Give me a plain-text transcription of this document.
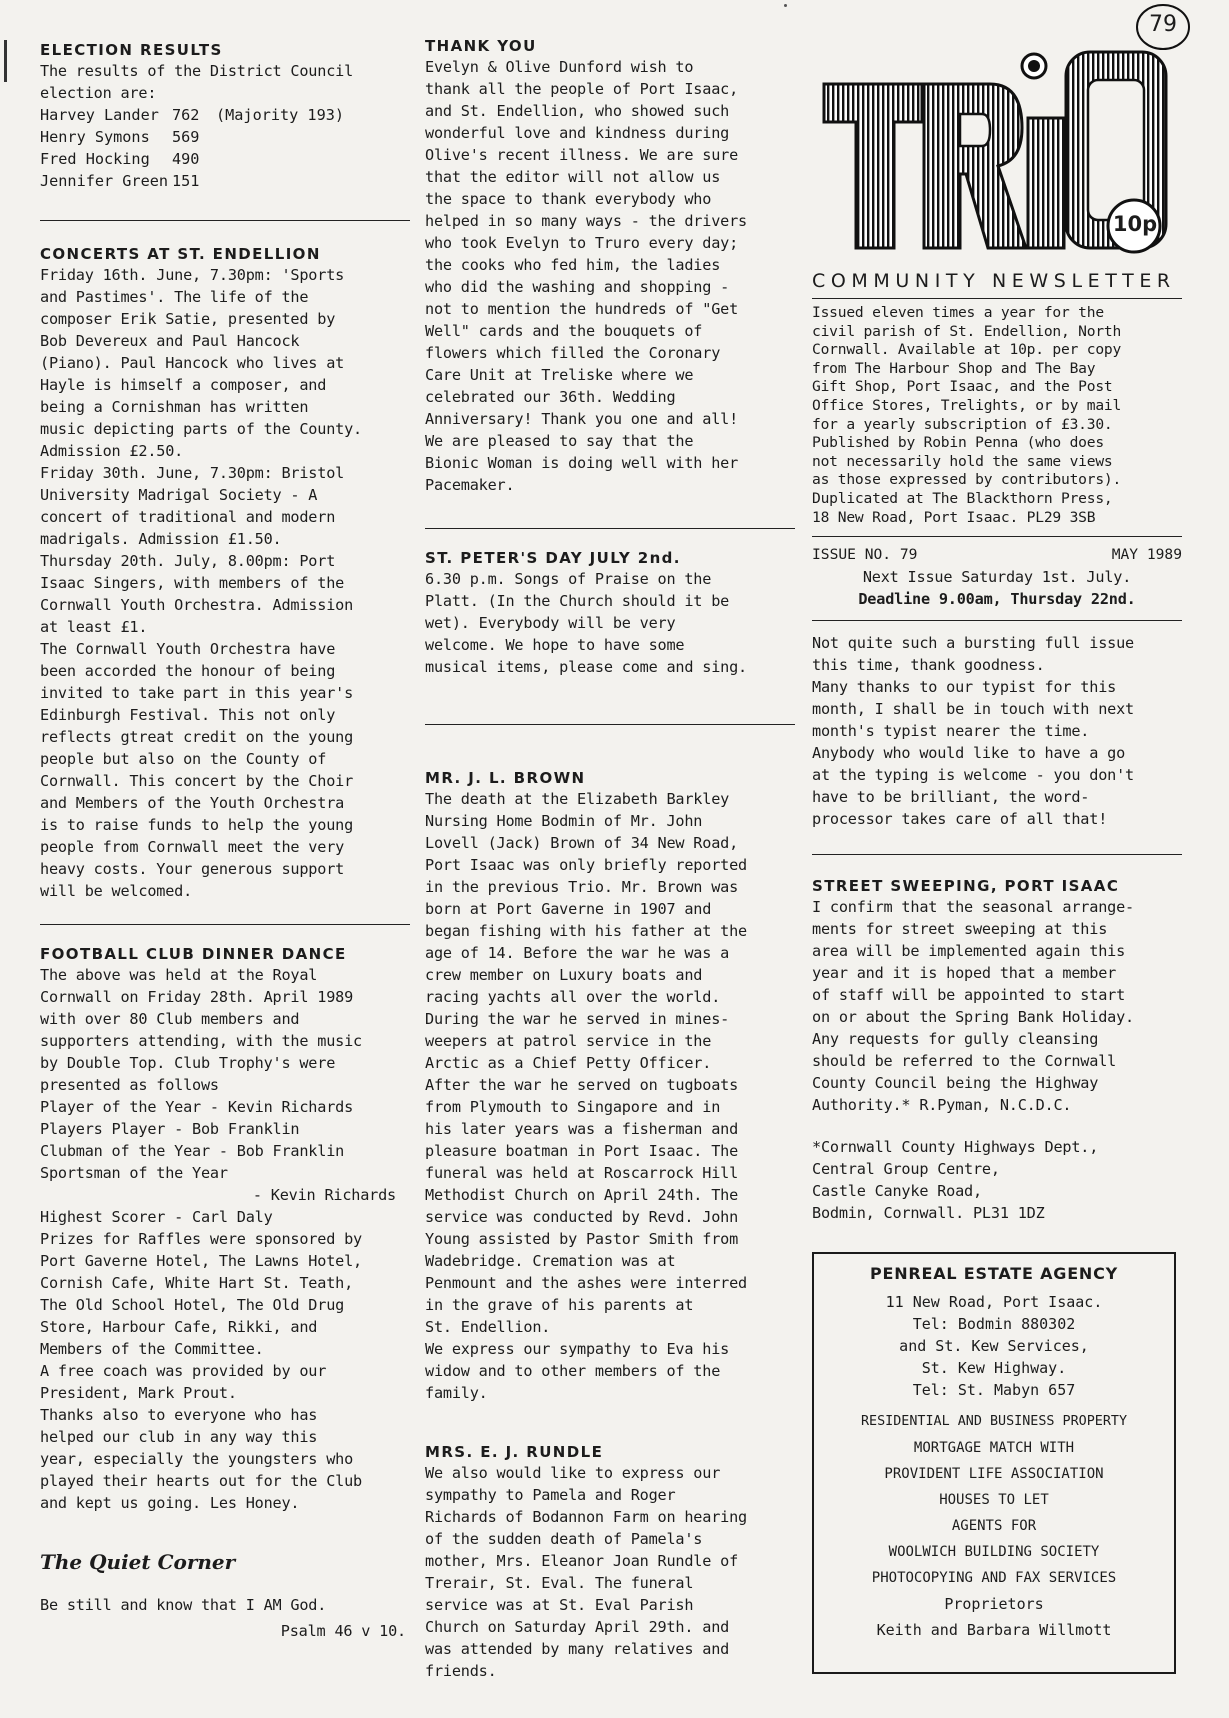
ELECTION RESULTS

The results of the District Council
election are:

Harvey Lander 762	(Majority 193)
Henry Symons	569
Fred Hocking	490
Jennifer Green 151

CONCERTS AT ST. ENDELLION

Friday 16th. June, 7.30pm: 'Sports
and Pastimes'. The life of the
composer Erik Satie, presented by
Bob Devereux and Paul Hancock
(Piano). Paul Hancock who lives at
Hayle is himself a composer, and
being a Cornishman has written
music depicting parts of the County.
Admission £2.50.
Friday 30th. June, 7.30pm: Bristol
University Madrigal Society - A
concert of traditional and modern
madrigals. Admission £1.50.
Thursday 20th. July, 8.00pm: Port
Isaac Singers, with members of the
Cornwall Youth Orchestra. Admission
at least £1.
The Cornwall Youth Orchestra have
been accorded the honour of being
invited to take part in this year's
Edinburgh Festival. This not only
reflects gtreat credit on the young
people but also on the County of
Cornwall. This concert by the Choir
and Members of the Youth Orchestra
is to raise funds to help the young
people from Cornwall meet the very
heavy costs. Your generous support
will be welcomed.

FOOTBALL CLUB DINNER DANCE

The above was held at the Royal
Cornwall on Friday 28th. April 1989
with over 80 Club members and
supporters attending, with the music
by Double Top. Club Trophy's were
presented as follows
Player of the Year - Kevin Richards
Players Player - Bob Franklin
Clubman of the Year - Bob Franklin
Sportsman of the Year

- Kevin Richards

Highest Scorer - Carl Daly
Prizes for Raffles were sponsored by
Port Gaverne Hotel, The Lawns Hotel,
Cornish Cafe, White Hart St. Teath,
The Old School Hotel, The Old Drug
Store, Harbour Cafe, Rikki, and
Members of the Committee.
A free coach was provided by our
President, Mark Prout.
Thanks also to everyone who has
helped our club in any way this
year, especially the youngsters who
played their hearts out for the Club
and kept us going. Les Honey.

The Quiet Corner

Be still and know that I AM God.

Psalm 46 v 10.

THANK YOU

Evelyn & Olive Dunford wish to
thank all the people of Port Isaac,
and St. Endellion, who showed such
wonderful love and kindness during
Olive's recent illness. We are sure
that the editor will not allow us
the space to thank everybody who
helped in so many ways - the drivers
who took Evelyn to Truro every day;
the cooks who fed him, the ladies
who did the washing and shopping -
not to mention the hundreds of "Get
Well" cards and the bouquets of
flowers which filled the Coronary
Care Unit at Treliske where we
celebrated our 36th. Wedding
Anniversary! Thank you one and all!
We are pleased to say that the
Bionic Woman is doing well with her
Pacemaker.

ST. PETER'S DAY JULY 2nd.

6.30 p.m. Songs of Praise on the
Platt. (In the Church should it be
wet). Everybody will be very
welcome. We hope to have some
musical items, please come and sing.

MR. J. L. BROWN

The death at the Elizabeth Barkley
Nursing Home Bodmin of Mr. John
Lovell (Jack) Brown of 34 New Road,
Port Isaac was only briefly reported
in the previous Trio. Mr. Brown was
born at Port Gaverne in 1907 and
began fishing with his father at the
age of 14. Before the war he was a
crew member on Luxury boats and
racing yachts all over the world.
During the war he served in mines-
weepers at patrol service in the
Arctic as a Chief Petty Officer.
After the war he served on tugboats
from Plymouth to Singapore and in
his later years was a fisherman and
pleasure boatman in Port Isaac. The
funeral was held at Roscarrock Hill
Methodist Church on April 24th. The
service was conducted by Revd. John
Young assisted by Pastor Smith from
Wadebridge. Cremation was at
Penmount and the ashes were interred
in the grave of his parents at
St. Endellion.
We express our sympathy to Eva his
widow and to other members of the
family.

MRS. E. J. RUNDLE

We also would like to express our
sympathy to Pamela and Roger
Richards of Bodannon Farm on hearing
of the sudden death of Pamela's
mother, Mrs. Eleanor Joan Rundle of
Trerair, St. Eval. The funeral
service was at St. Eval Parish
Church on Saturday April 29th. and
was attended by many relatives and
friends.

10p
COMMUNITY NEWSLETTER
79

Issued eleven times a year for the
civil parish of St. Endellion, North
Cornwall. Available at 10p. per copy
from The Harbour Shop and The Bay
Gift Shop, Port Isaac, and the Post
Office Stores, Trelights, or by mail
for a yearly subscription of £3.30.
Published by Robin Penna (who does
not necessarily hold the same views
as those expressed by contributors).
Duplicated at The Blackthorn Press,
18 New Road, Port Isaac. PL29 3SB

ISSUE NO. 79	MAY 1989

Next Issue Saturday 1st. July.

Deadline 9.00am, Thursday 22nd.

Not quite such a bursting full issue
this time, thank goodness.
Many thanks to our typist for this
month, I shall be in touch with next
month's typist nearer the time.
Anybody who would like to have a go
at the typing is welcome - you don't
have to be brilliant, the word-
processor takes care of all that!

STREET SWEEPING, PORT ISAAC

I confirm that the seasonal arrange-
ments for street sweeping at this
area will be implemented again this
year and it is hoped that a member
of staff will be appointed to start
on or about the Spring Bank Holiday.
Any requests for gully cleansing
should be referred to the Cornwall
County Council being the Highway
Authority.* R.Pyman, N.C.D.C.

*Cornwall County Highways Dept.,
Central Group Centre,
Castle Canyke Road,
Bodmin, Cornwall. PL31 1DZ

PENREAL ESTATE AGENCY

11 New Road, Port Isaac.
Tel: Bodmin 880302
and St. Kew Services,
St. Kew Highway.
Tel: St. Mabyn 657
RESIDENTIAL AND BUSINESS PROPERTY
MORTGAGE MATCH WITH
PROVIDENT LIFE ASSOCIATION
HOUSES TO LET
AGENTS FOR
WOOLWICH BUILDING SOCIETY
PHOTOCOPYING AND FAX SERVICES
Proprietors
Keith and Barbara Willmott
